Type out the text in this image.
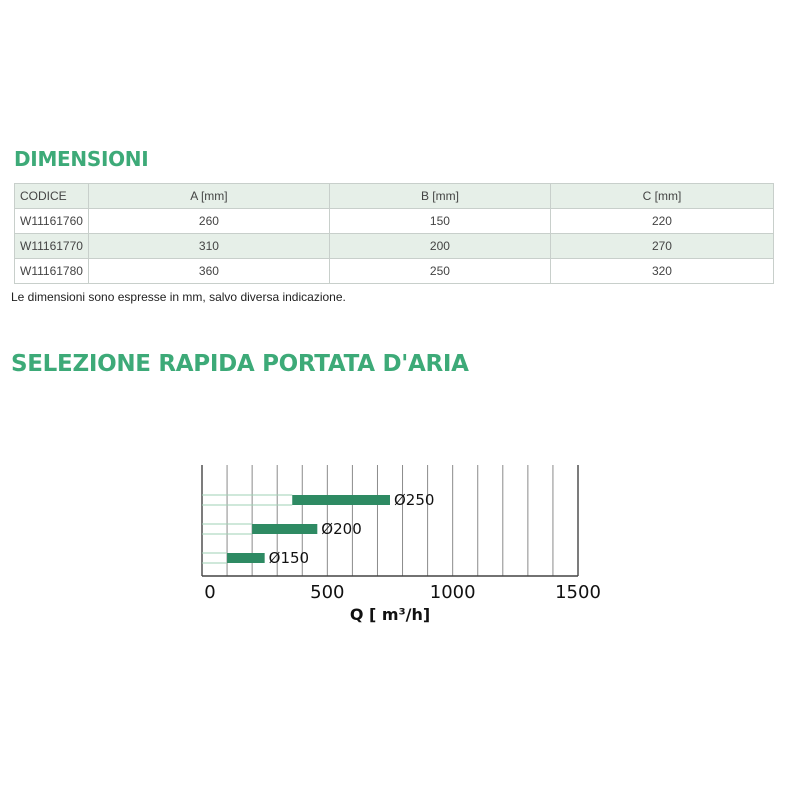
DIMENSIONI
CODICE	A [mm]	B [mm]	C [mm]
W11161760	260	150	220
W11161770	310	200	270
W11161780	360	250	320
Le dimensioni sono espresse in mm, salvo diversa indicazione.
SELEZIONE RAPIDA PORTATA D'ARIA
Ø250
Ø200
Ø150
0	500	1000	1500
Q [ m³/h]
